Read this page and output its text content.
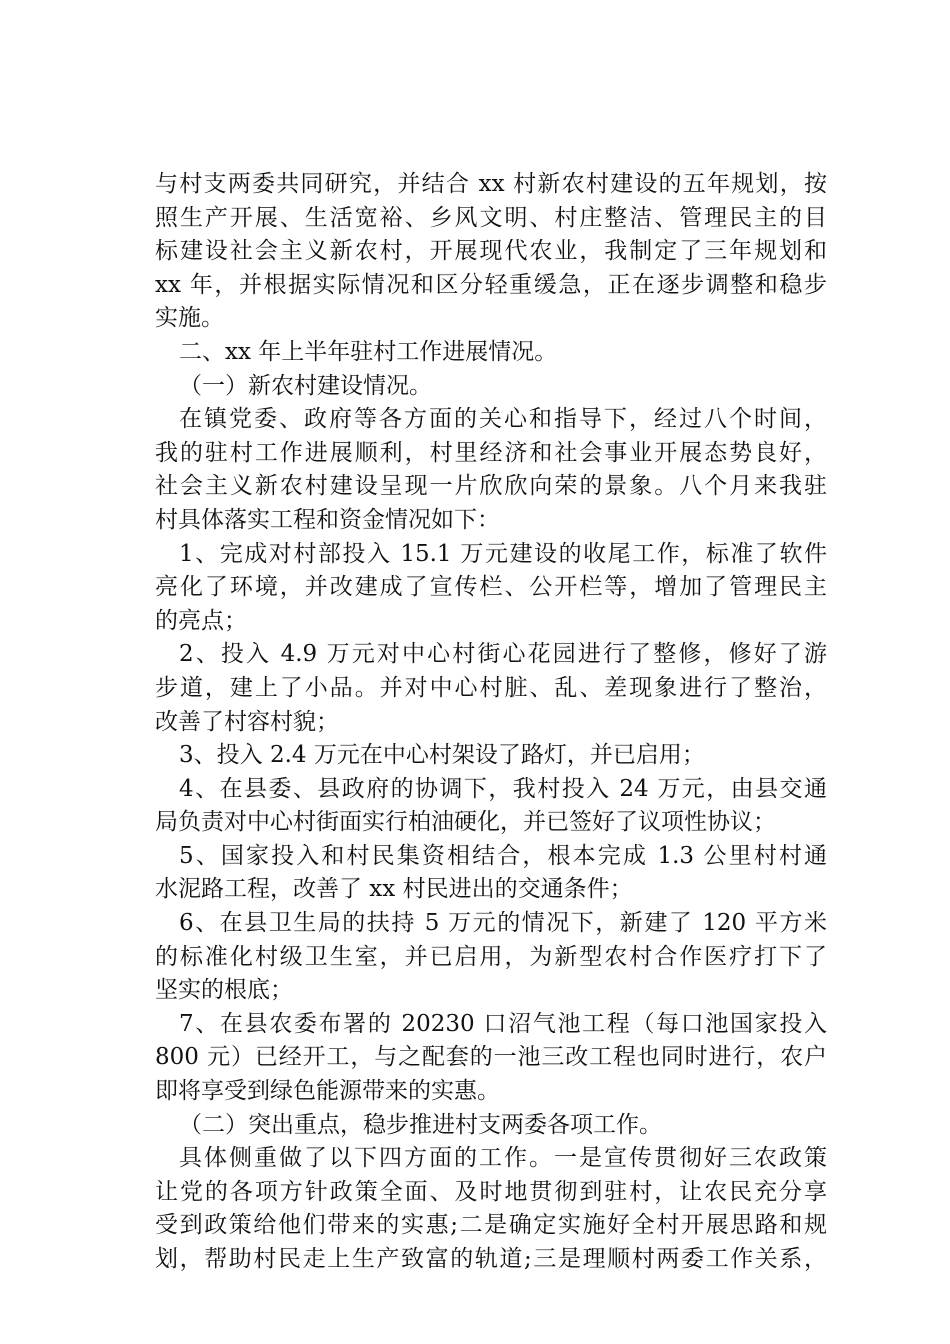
与村支两委共同研究，并结合 xx 村新农村建设的五年规划，按
照生产开展、生活宽裕、乡风文明、村庄整洁、管理民主的目
标建设社会主义新农村，开展现代农业，我制定了三年规划和
xx 年，并根据实际情况和区分轻重缓急，正在逐步调整和稳步
实施。
二、xx 年上半年驻村工作进展情况。
（一）新农村建设情况。
在镇党委、政府等各方面的关心和指导下，经过八个时间，
我的驻村工作进展顺利，村里经济和社会事业开展态势良好，
社会主义新农村建设呈现一片欣欣向荣的景象。八个月来我驻
村具体落实工程和资金情况如下：
1、完成对村部投入 15.1 万元建设的收尾工作，标准了软件
亮化了环境，并改建成了宣传栏、公开栏等，增加了管理民主
的亮点；
2、投入 4.9 万元对中心村街心花园进行了整修，修好了游
步道，建上了小品。并对中心村脏、乱、差现象进行了整治，
改善了村容村貌；
3、投入 2.4 万元在中心村架设了路灯，并已启用；
4、在县委、县政府的协调下，我村投入 24 万元，由县交通
局负责对中心村街面实行柏油硬化，并已签好了议项性协议；
5、国家投入和村民集资相结合，根本完成 1.3 公里村村通
水泥路工程，改善了 xx 村民进出的交通条件；
6、在县卫生局的扶持 5 万元的情况下，新建了 120 平方米
的标准化村级卫生室，并已启用，为新型农村合作医疗打下了
坚实的根底；
7、在县农委布署的 20230 口沼气池工程（每口池国家投入
800 元）已经开工，与之配套的一池三改工程也同时进行，农户
即将享受到绿色能源带来的实惠。
（二）突出重点，稳步推进村支两委各项工作。
具体侧重做了以下四方面的工作。一是宣传贯彻好三农政策
让党的各项方针政策全面、及时地贯彻到驻村，让农民充分享
受到政策给他们带来的实惠;二是确定实施好全村开展思路和规
划，帮助村民走上生产致富的轨道;三是理顺村两委工作关系，
